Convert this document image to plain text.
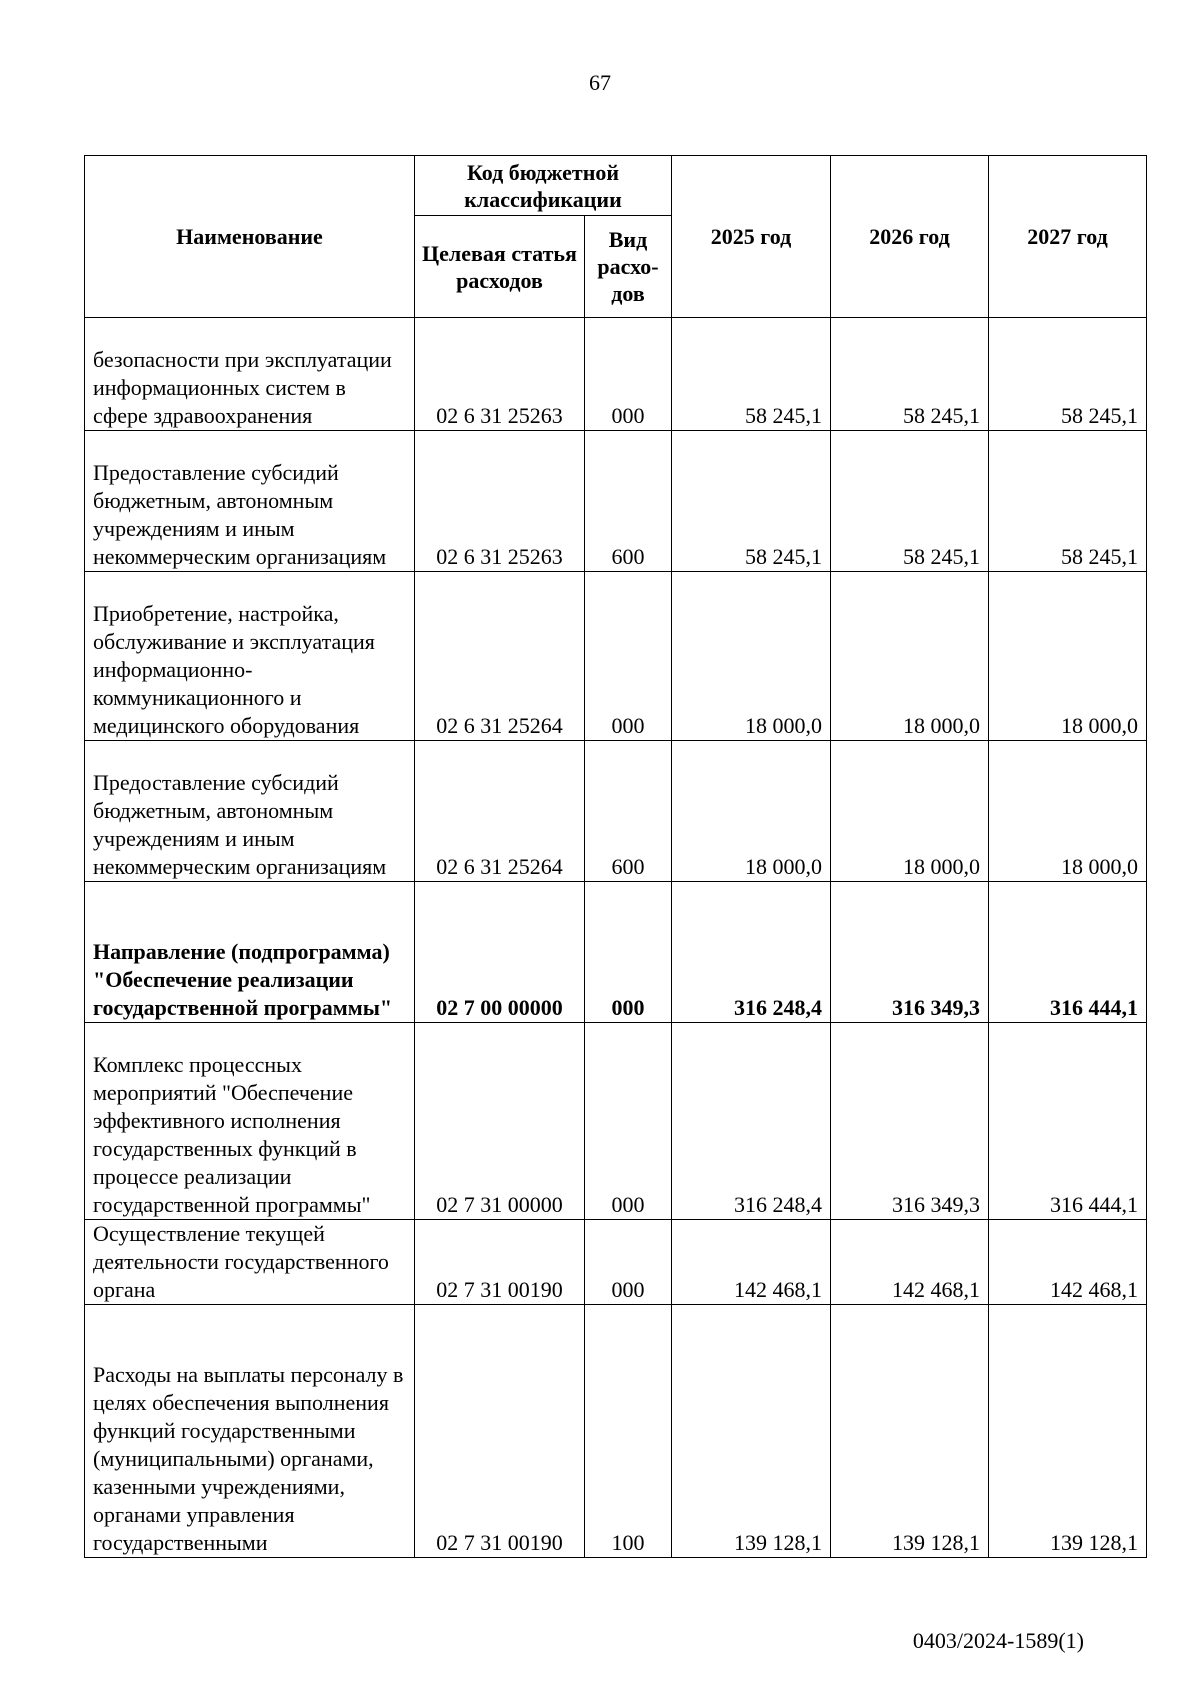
67
Наименование	Код бюджетной классификации		2025 год	2026 год	2027 год
	Целевая статья расходов	Вид расхо-дов			
безопасности при эксплуатации информационных систем в сфере здравоохранения	02 6 31 25263	000	58 245,1	58 245,1	58 245,1
Предоставление субсидий бюджетным, автономным учреждениям и иным некоммерческим организациям	02 6 31 25263	600	58 245,1	58 245,1	58 245,1
Приобретение, настройка, обслуживание и эксплуатация информационно-коммуникационного и медицинского оборудования	02 6 31 25264	000	18 000,0	18 000,0	18 000,0
Предоставление субсидий бюджетным, автономным учреждениям и иным некоммерческим организациям	02 6 31 25264	600	18 000,0	18 000,0	18 000,0
Направление (подпрограмма) "Обеспечение реализации государственной программы"	02 7 00 00000	000	316 248,4	316 349,3	316 444,1
Комплекс процессных мероприятий "Обеспечение эффективного исполнения государственных функций в процессе реализации государственной программы"	02 7 31 00000	000	316 248,4	316 349,3	316 444,1
Осуществление текущей деятельности государственного органа	02 7 31 00190	000	142 468,1	142 468,1	142 468,1
Расходы на выплаты персоналу в целях обеспечения выполнения функций государственными (муниципальными) органами, казенными учреждениями, органами управления государственными	02 7 31 00190	100	139 128,1	139 128,1	139 128,1
0403/2024-1589(1)
